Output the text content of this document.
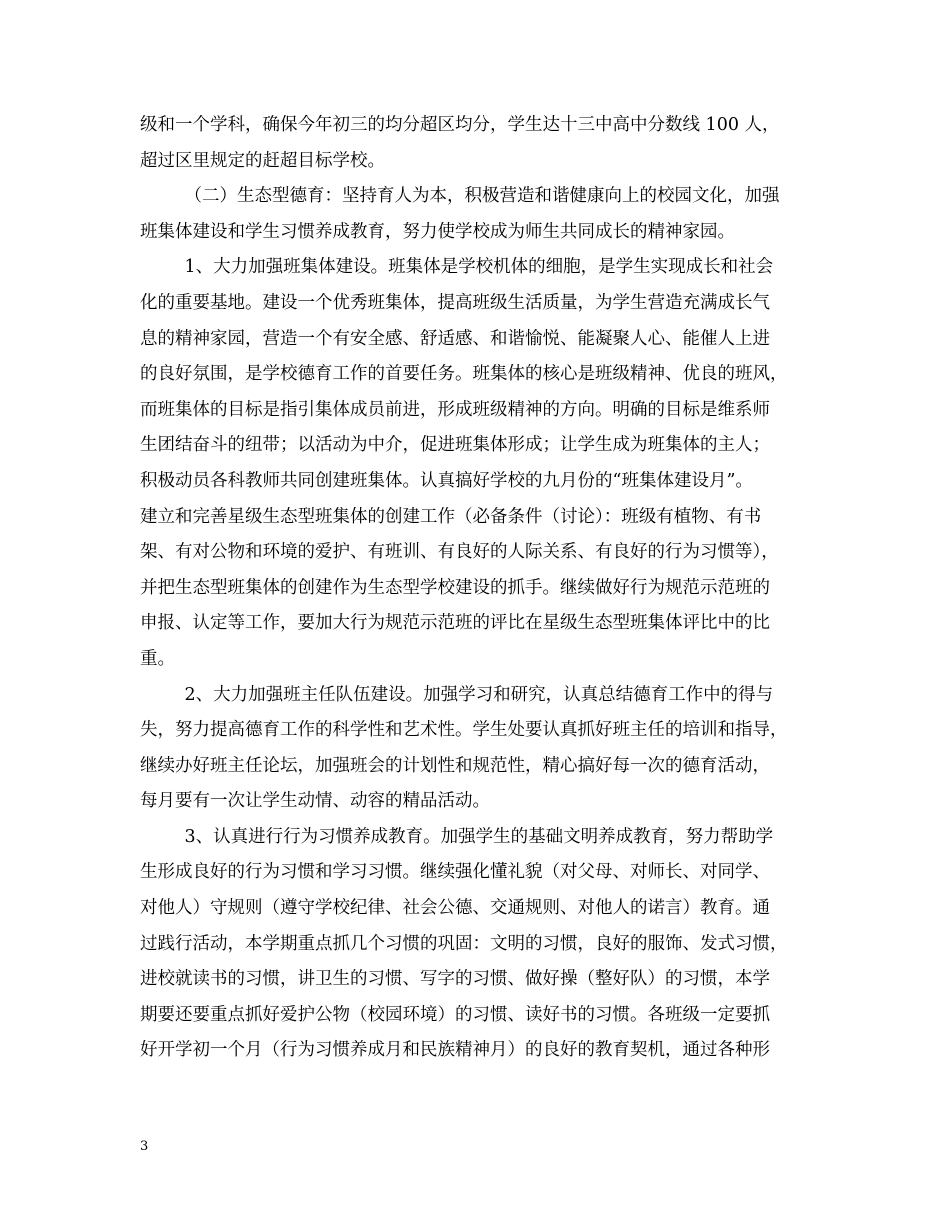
级和一个学科，确保今年初三的均分超区均分，学生达十三中高中分数线 100 人，
超过区里规定的赶超目标学校。
（二）生态型德育：坚持育人为本，积极营造和谐健康向上的校园文化，加强
班集体建设和学生习惯养成教育，努力使学校成为师生共同成长的精神家园。
1、大力加强班集体建设。班集体是学校机体的细胞，是学生实现成长和社会
化的重要基地。建设一个优秀班集体，提高班级生活质量，为学生营造充满成长气
息的精神家园，营造一个有安全感、舒适感、和谐愉悦、能凝聚人心、能催人上进
的良好氛围，是学校德育工作的首要任务。班集体的核心是班级精神、优良的班风，
而班集体的目标是指引集体成员前进，形成班级精神的方向。明确的目标是维系师
生团结奋斗的纽带；以活动为中介，促进班集体形成；让学生成为班集体的主人；
积极动员各科教师共同创建班集体。认真搞好学校的九月份的“班集体建设月”。
建立和完善星级生态型班集体的创建工作（必备条件（讨论）：班级有植物、有书
架、有对公物和环境的爱护、有班训、有良好的人际关系、有良好的行为习惯等），
并把生态型班集体的创建作为生态型学校建设的抓手。继续做好行为规范示范班的
申报、认定等工作，要加大行为规范示范班的评比在星级生态型班集体评比中的比
重。
2、大力加强班主任队伍建设。加强学习和研究，认真总结德育工作中的得与
失，努力提高德育工作的科学性和艺术性。学生处要认真抓好班主任的培训和指导，
继续办好班主任论坛，加强班会的计划性和规范性，精心搞好每一次的德育活动，
每月要有一次让学生动情、动容的精品活动。
3、认真进行行为习惯养成教育。加强学生的基础文明养成教育，努力帮助学
生形成良好的行为习惯和学习习惯。继续强化懂礼貌（对父母、对师长、对同学、
对他人）守规则（遵守学校纪律、社会公德、交通规则、对他人的诺言）教育。通
过践行活动，本学期重点抓几个习惯的巩固：文明的习惯，良好的服饰、发式习惯，
进校就读书的习惯，讲卫生的习惯、写字的习惯、做好操（整好队）的习惯，本学
期要还要重点抓好爱护公物（校园环境）的习惯、读好书的习惯。各班级一定要抓
好开学初一个月（行为习惯养成月和民族精神月）的良好的教育契机，通过各种形
3
